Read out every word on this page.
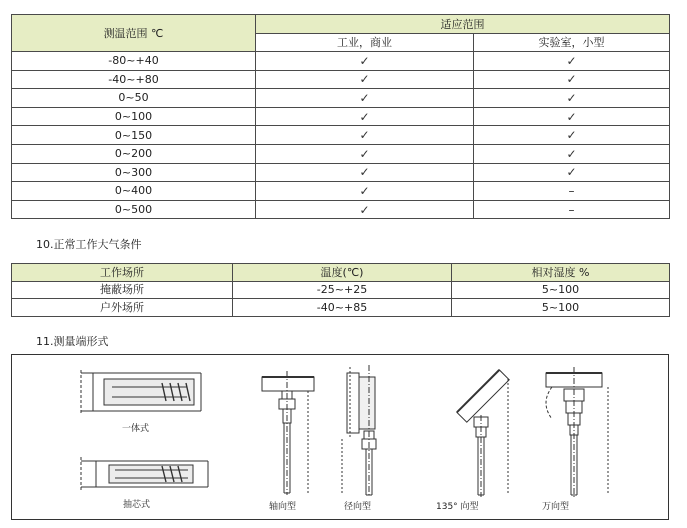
测温范围 ℃	适应范围	
	工业，商业	实验室，小型
-80~+40	✓	✓
-40~+80	✓	✓
0~50	✓	✓
0~100	✓	✓
0~150	✓	✓
0~200	✓	✓
0~300	✓	✓
0~400	✓	–
0~500	✓	–
10.正常工作大气条件
工作场所	温度(℃)	相对湿度 %
掩蔽场所	-25~+25	5~100
户外场所	-40~+85	5~100
11.测量端形式
一体式
抽芯式	轴向型	径向型	135° 向型	万向型
